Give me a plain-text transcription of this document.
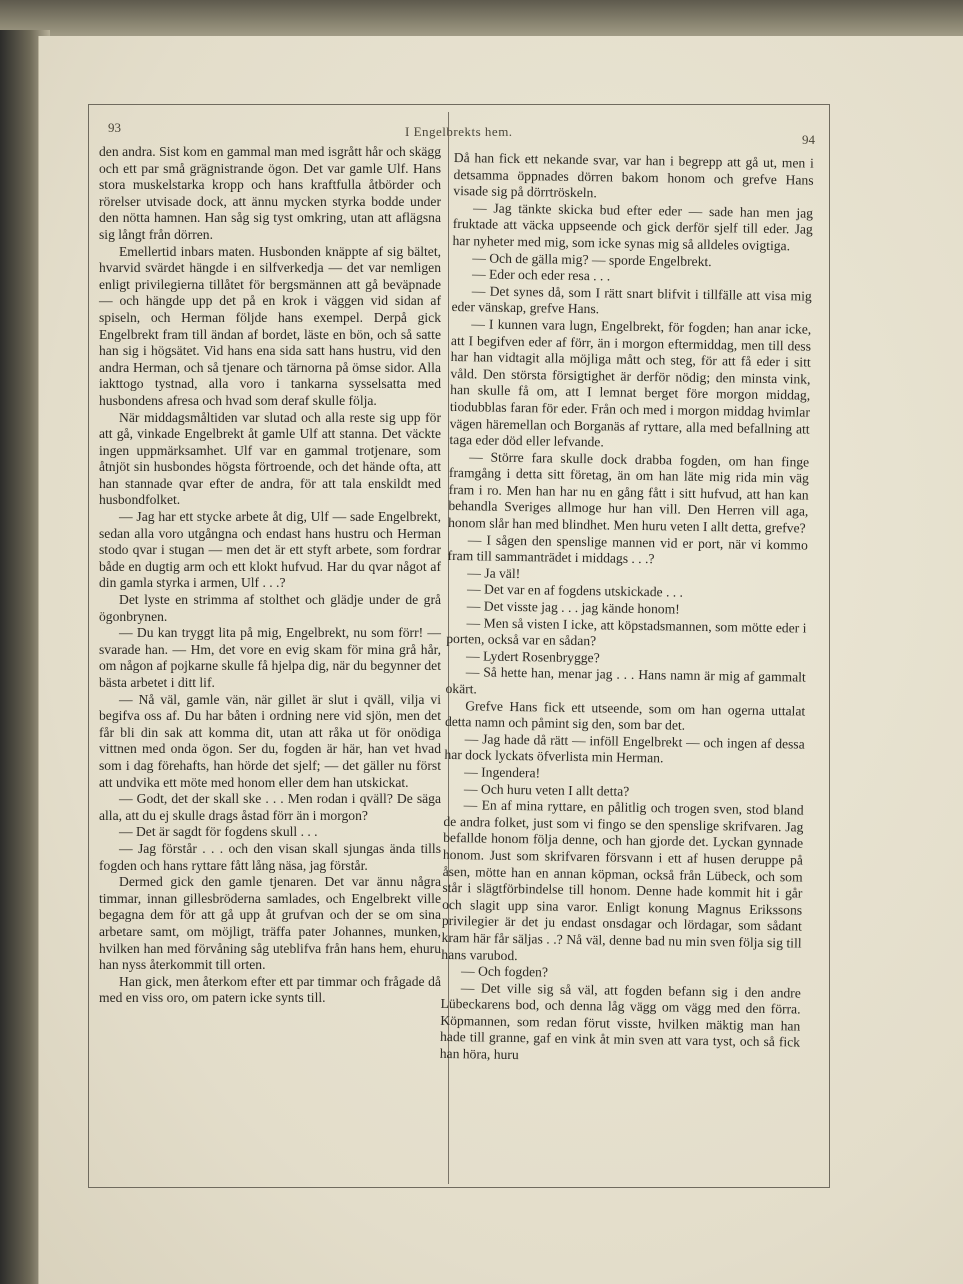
93	I Engelbrekts hem.
94

den andra. Sist kom en gammal man med isgrått hår och skägg och ett par små grägnistrande ögon. Det var gamle Ulf. Hans stora muskelstarka kropp och hans kraftfulla åtbörder och rörelser utvisade dock, att ännu mycken styrka bodde under den nötta hamnen. Han såg sig tyst omkring, utan att aflägsna sig långt från dörren.

Emellertid inbars maten. Husbonden knäppte af sig bältet, hvarvid svärdet hängde i en silfverkedja — det var nemligen enligt privilegierna tillåtet för bergsmännen att gå beväpnade — och hängde upp det på en krok i väggen vid sidan af spiseln, och Herman följde hans exempel. Derpå gick Engelbrekt fram till ändan af bordet, läste en bön, och så satte han sig i högsätet. Vid hans ena sida satt hans hustru, vid den andra Herman, och så tjenare och tärnorna på ömse sidor. Alla iakttogo tystnad, alla voro i tankarna sysselsatta med husbondens afresa och hvad som deraf skulle följa.

När middagsmåltiden var slutad och alla reste sig upp för att gå, vinkade Engelbrekt åt gamle Ulf att stanna. Det väckte ingen uppmärksamhet. Ulf var en gammal trotjenare, som åtnjöt sin husbondes högsta förtroende, och det hände ofta, att han stannade qvar efter de andra, för att tala enskildt med husbondfolket.

— Jag har ett stycke arbete åt dig, Ulf — sade Engelbrekt, sedan alla voro utgångna och endast hans hustru och Herman stodo qvar i stugan — men det är ett styft arbete, som fordrar både en dugtig arm och ett klokt hufvud. Har du qvar något af din gamla styrka i armen, Ulf . . .?

Det lyste en strimma af stolthet och glädje under de grå ögonbrynen.

— Du kan tryggt lita på mig, Engelbrekt, nu som förr! — svarade han. — Hm, det vore en evig skam för mina grå hår, om någon af pojkarne skulle få hjelpa dig, när du begynner det bästa arbetet i ditt lif.

— Nå väl, gamle vän, när gillet är slut i qväll, vilja vi begifva oss af. Du har båten i ordning nere vid sjön, men det får bli din sak att komma dit, utan att råka ut för onödiga vittnen med onda ögon. Ser du, fogden är här, han vet hvad som i dag förehafts, han hörde det sjelf; — det gäller nu först att undvika ett möte med honom eller dem han utskickat.

— Godt, det der skall ske . . . Men rodan i qväll? De säga alla, att du ej skulle drags åstad förr än i morgon?

— Det är sagdt för fogdens skull . . .

— Jag förstår . . . och den visan skall sjungas ända tills fogden och hans ryttare fått lång näsa, jag förstår.

Dermed gick den gamle tjenaren. Det var ännu några timmar, innan gillesbröderna samlades, och Engelbrekt ville begagna dem för att gå upp åt grufvan och der se om sina arbetare samt, om möjligt, träffa pater Johannes, munken, hvilken han med förvåning såg uteblifva från hans hem, ehuru han nyss återkommit till orten.

Han gick, men återkom efter ett par timmar och frågade då med en viss oro, om patern icke synts till.

Då han fick ett nekande svar, var han i begrepp att gå ut, men i detsamma öppnades dörren bakom honom och grefve Hans visade sig på dörrtröskeln.

— Jag tänkte skicka bud efter eder — sade han men jag fruktade att väcka uppseende och gick derför sjelf till eder. Jag har nyheter med mig, som icke synas mig så alldeles ovigtiga.

— Och de gälla mig? — sporde Engelbrekt.

— Eder och eder resa . . .

— Det synes då, som I rätt snart blifvit i tillfälle att visa mig eder vänskap, grefve Hans.

— I kunnen vara lugn, Engelbrekt, för fogden; han anar icke, att I begifven eder af förr, än i morgon eftermiddag, men till dess har han vidtagit alla möjliga mått och steg, för att få eder i sitt våld. Den största försigtighet är derför nödig; den minsta vink, han skulle få om, att I lemnat berget före morgon middag, tiodubblas faran för eder. Från och med i morgon middag hvimlar vägen häremellan och Borganäs af ryttare, alla med befallning att taga eder död eller lefvande.

— Större fara skulle dock drabba fogden, om han finge framgång i detta sitt företag, än om han läte mig rida min väg fram i ro. Men han har nu en gång fått i sitt hufvud, att han kan behandla Sveriges allmoge hur han vill. Den Herren vill aga, honom slår han med blindhet. Men huru veten I allt detta, grefve?

— I sågen den spenslige mannen vid er port, när vi kommo fram till sammanträdet i middags . . .?

— Ja väl!

— Det var en af fogdens utskickade . . .

— Det visste jag . . . jag kände honom!

— Men så visten I icke, att köpstadsmannen, som mötte eder i porten, också var en sådan?

— Lydert Rosenbrygge?

— Så hette han, menar jag . . . Hans namn är mig af gammalt okärt.

Grefve Hans fick ett utseende, som om han ogerna uttalat detta namn och påmint sig den, som bar det.

— Jag hade då rätt — inföll Engelbrekt — och ingen af dessa har dock lyckats öfverlista min Herman.

— Ingendera!

— Och huru veten I allt detta?

— En af mina ryttare, en pålitlig och trogen sven, stod bland de andra folket, just som vi fingo se den spenslige skrifvaren. Jag befallde honom följa denne, och han gjorde det. Lyckan gynnade honom. Just som skrifvaren försvann i ett af husen deruppe på åsen, mötte han en annan köpman, också från Lübeck, och som står i slägtförbindelse till honom. Denne hade kommit hit i går och slagit upp sina varor. Enligt konung Magnus Erikssons privilegier är det ju endast onsdagar och lördagar, som sådant kram här får säljas . .? Nå väl, denne bad nu min sven följa sig till hans varubod.

— Och fogden?

— Det ville sig så väl, att fogden befann sig i den andre Lübeckarens bod, och denna låg vägg om vägg med den förra. Köpmannen, som redan förut visste, hvilken mäktig man han hade till granne, gaf en vink åt min sven att vara tyst, och så fick han höra, huru
